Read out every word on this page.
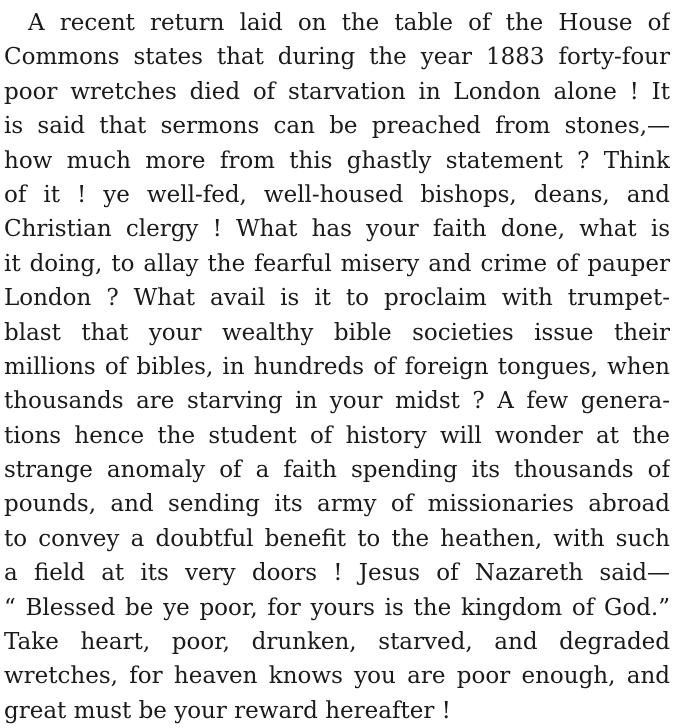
A recent return laid on the table of the House of
Commons states that during the year 1883 forty-four
poor wretches died of starvation in London alone ! It
is said that sermons can be preached from stones,—
how much more from this ghastly statement ? Think
of it ! ye well-fed, well-housed bishops, deans, and
Christian clergy ! What has your faith done, what is
it doing, to allay the fearful misery and crime of pauper
London ? What avail is it to proclaim with trumpet-
blast that your wealthy bible societies issue their
millions of bibles, in hundreds of foreign tongues, when
thousands are starving in your midst ? A few genera-
tions hence the student of history will wonder at the
strange anomaly of a faith spending its thousands of
pounds, and sending its army of missionaries abroad
to convey a doubtful benefit to the heathen, with such
a field at its very doors ! Jesus of Nazareth said—
“ Blessed be ye poor, for yours is the kingdom of God.”
Take heart, poor, drunken, starved, and degraded
wretches, for heaven knows you are poor enough, and
great must be your reward hereafter !
